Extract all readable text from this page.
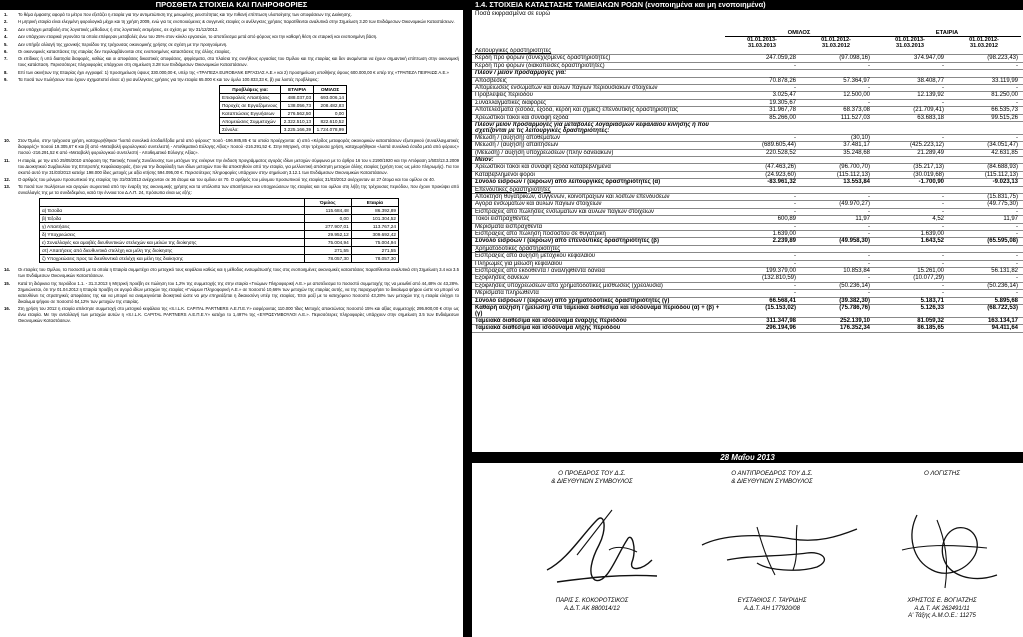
ΠΡΟΣΘΕΤΑ ΣΤΟΙΧΕΙΑ ΚΑΙ ΠΛΗΡΟΦΟΡΙΕΣ
1.	Το θέμα έμφασης αφορά το μέτρο που εξετάζει η εταιρία για την αντιμετώπιση της μειωμένης ρευστότητας και την πιθανή επίπτωση υλοποίησης των αποφάσεων της Διοίκησης.
2.	Η μητρική εταιρία είναι ελεγμένη φορολογικά μέχρι και τη χρήση 2009, ενώ για τις ενοποιούμενες & συγγενείς εταιρίες οι ανέλεγκτες χρήσεις παρατίθενται αναλυτικά στην Σημείωση 3.20 των Ενδιάμεσων Οικονομικών Καταστάσεων.
3.	Δεν υπάρχει μεταβολή στις λογιστικές μέθοδους ή στις λογιστικές εκτιμήσεις, σε σχέση με την 31/12/2012.
4.	Δεν υπάρχουν εταιρικά γεγονότα τα οποία επέφεραν μεταβολές άνω του 25% στον κύκλο εργασιών, το αποτέλεσμα μετά από φόρους και την καθαρή θέση σε εταιρική και ενοποιημένη βάση.
5.	Δεν υπήρξε αλλαγή της χρονικής περιόδου της τρέχουσας οικονομικής χρήσης σε σχέση με την προηγούμενη.
6.	Οι οικονομικές καταστάσεις της εταιρίας δεν περιλαμβάνονται στις ενοποιημένες καταστάσεις της άλλης εταιρίας.
7.	Οι επίδικες ή υπό διαιτησία διαφορές, καθώς και οι αποφάσεις δικαστικές αποφάσεις, ψηφίσματα, στα πλαίσια της συνήθους εργασίας του Ομίλου και της εταιρίας και δεν αναμένεται να έχουν σημαντική επίπτωση στην οικονομική τους κατάσταση. Περισσότερες πληροφορίες υπάρχουν στη σημείωση 3.28 των Ενδιάμεσων Οικονομικών Καταστάσεων.
8.	Επί των ακινήτων της Εταιρίας έχει εγγραφεί: 1) προσημείωση ύψους 330.000,00 €, υπέρ της «ΤΡΑΠΕΖΑ EUROBANK ΕΡΓΑΣΙΑΣ Α.Ε.» και 2) προσημείωση υποθήκης ύψους 600.000,00 € υπέρ της «ΤΡΑΠΕΖΑ ΠΕΙΡΑΙΩΣ Α.Ε.»
9.	Τα ποσά των πωλήσεων που έχουν σχηματιστεί είναι: α) για ανέλεγκτες χρήσεις για την εταιρία 65.000 € και τον όμιλο 100.833,33 €, β) για λοιπές προβλέψεις:
Προβλέψεις για:	ΕΤΑΙΡΙΑ	ΟΜΙΛΟΣ
Επισφαλείς Απαιτήσεις	488.037,03	693.006,14
Παροχές σε Εργαζόμενους	138.056,73	208.482,83
Καταπτώσεις Εγγυήσεων	276.562,50	0,00
Απομειώσεις Συμμετοχών	2.322.510,13	822.610,52
Σύνολο:	3.225.166,39	1.724.078,99
10.	Στον Όμιλο, στην τρέχουσα χρήση, καταχωρήθηκαν "λοιπά συνολικά έσοδα/έξοδα μετά από φόρους" ποσό -196.985,85 € τα οποία προέρχονται: α) από «Κέρδος μεταφοράς οικονομικών καταστάσεων εξωτερικού (συναλλαγματικές διαφορές)» ποσού 19.305,67 € και β) από «Μεταβολή φορολογικού συντελεστή - Αποθεματικό Εύλογης Αξίας» ποσού -216.291,52 €. Στην Μητρική, στην τρέχουσα χρήση, καταχωρήθηκαν «λοιπά συνολικά έσοδα μετά από φόρους» ποσού -216.291,52 € από «Μεταβολή φορολογικού συντελεστή - Αποθεματικό Εύλογης Αξίας».
11.	Η εταιρία, με την από 25/05/2010 απόφαση της Τακτικής Γενικής Συνέλευσης των μετόχων της ενέκρινε την έκδοση προγράμματος αγοράς ιδίων μετοχών σύμφωνα με το άρθρο 16 του ν.2190/1920 και την Απόφαση 1/503/13.3.2009 του Διοικητικού Συμβουλίου της Επιτροπής Κεφαλαιαγοράς, ήτοι για την διαφύλαξη των ιδίων μετοχών που θα αποκτηθούν από την εταιρία, για μελλοντική απόκτηση μετοχών άλλης εταιρίας (χρήση τους ως μέσο πληρωμής). Για τον σκοπό αυτό την 31/03/2013 κατείχε 198.000 ίδιες μετοχές με αξία κτήσης 594.095,00 €. Περισσότερες πληροφορίες υπάρχουν στην σημείωση 3.12.1 των Ενδιάμεσων Οικονομικών Καταστάσεων.
12.	Ο αριθμός του μόνιμου προσωπικού της εταιρίας την 31/03/2013 ανέρχονταν σε 36 άτομα και του ομίλου σε 70. Ο αριθμός του μόνιμου προσωπικού της εταιρίας 31/03/2012 ανέρχονταν σε 27 άτομα και του ομίλου σε 40.
13.	Τα ποσά των πωλήσεων και αγορών σωρευτικά από την έναρξη της οικονομικής χρήσης και τα υπόλοιπα των απαιτήσεων και υποχρεώσεων της εταιρίας και του ομίλου στη λήξη της τρέχουσας περιόδου, που έχουν προκύψει από συναλλαγές της με τα συνδεδεμένα, κατά την έννοια του Δ.Λ.Π. 24, πρόσωπα είναι ως εξής:
	Όμιλος	Εταιρία
α) Έσοδα	115.684,48	86.392,89
β) Έξοδα	0,00	101.304,52
γ) Απαιτήσεις	277.907,01	113.767,24
δ) Υποχρεώσεις	29.952,12	309.692,42
ε) Συναλλαγές και αμοιβές διευθυντικών στελεχών και μελών της διοίκησης	75.004,94	75.004,94
στ) Απαιτήσεις από διευθυντικά στελέχη και μέλη της διοίκησης	271,55	271,55
ζ) Υποχρεώσεις προς τα διευθυντικά στελέχη και μέλη της διοίκησης	78.057,30	78.057,30
14.	Οι εταιρίες του Ομίλου, τα ποσοστά με τα οποία η Εταιρία συμμετέχει στο μετοχικό τους κεφάλαιο καθώς και η μέθοδος ενσωμάτωσής τους στις ενοποιημένες οικονομικές καταστάσεις παρατίθενται αναλυτικά στη Σημείωση 3.4 και 3.5 των Ενδιάμεσων Οικονομικών Καταστάσεων.
15.	Κατά τη διάρκεια της περιόδου 1.1. - 31.3.2013 η Μητρική προέβη σε πώληση του 1,2% της συμμετοχής της στην εταιρία «Γνώμων Πληροφορική Α.Ε.» με αποτέλεσμα το ποσοστό συμμετοχής της να μειωθεί από 44,48% σε 43,28%. Σημειώνεται, ότι την 01.04.2012 η Εταιρία προέβη σε αγορά ιδίων μετοχών της εταιρίας «Γνώμων Πληροφορική Α.Ε.» σε ποσοστό 10,66% των μετοχών της εταιρίας αυτής, να της παραχωρήσει το δικαίωμα ψήφου ώστε να μπορεί να κατευθύνει τις στρατηγικές αποφάσεις της και να μπορεί να αναμειγνύεται διοικητικά ώστε να μην επηρεάζεται η δικαιοσύνη υπέρ της εταιρίας. Έτσι μαζί με το κατεχόμενο ποσοστό 43,28% των μετοχών της η εταιρία ελέγχει το δικαίωμα ψήφου σε ποσοστό 54,12% των μετοχών της εταιρίας.
16.	Στη χρήση του 2012 η εταιρία απέκτησε συμμετοχή στο μετοχικό κεφάλαιο της «S.I.L.K. CAPITAL PARTNERS Α.Ε.Π.Ε.Υ» εισφέροντας 110.000 Ίδιες Μετοχές αποκτώντας ποσοστό 15% και αξίας συμμετοχής 295.900,00 € στην ως άνω εταιρία. Με την ανταλλαγή των μετοχών αυτών η «S.I.L.K. CAPITAL PARTNERS Α.Ε.Π.Ε.Υ» κατέχει το 1,497% της «ΕΥΡΩΣΥΜΒΟΥΛΟΙ Α.Ε.». Περισσότερες πληροφορίες υπάρχουν στην σημείωση 3.5 των Ενδιάμεσων Οικονομικών Καταστάσεων.
1.4. ΣΤΟΙΧΕΙΑ ΚΑΤΑΣΤΑΣΗΣ ΤΑΜΕΙΑΚΩΝ ΡΟΩΝ (ενοποιημένα και μη ενοποιημένα)
Ποσά εκφρασμένα σε ευρώ
ΟΜΙΛΟΣ	ΕΤΑΙΡΙΑ
01.01.2013-
31.03.2013
01.01.2012-
31.03.2012
01.01.2013-
31.03.2013
01.01.2012-
31.03.2012
Λειτουργικές δραστηριότητες
Κέρδη προ φόρων (συνεχιζόμενες δραστηριότητες)	247.059,28	(97.098,16)	374.947,09	(98.223,43)
Κέρδη προ φόρων (διακοπείσες δραστηριότητες)	-	-	-	-
Πλέον / μείον προσαρμογές για:
Αποσβέσεις	70.878,26	57.364,97	38.408,77	33.119,99
Απομειώσεις ενσώματων και άυλων πάγιων περιουσιακών στοιχείων	-	-	-	-
Προβλέψεις περιόδου	3.025,47	12.500,00	12.139,92	81.250,00
Συναλλαγματικές διαφορές	19.305,67	-	-	-
Αποτελέσματα (έσοδα, έξοδα, κέρδη και ζημιές) επενδυτικής δραστηριότητας	31.967,78	68.373,08	(21.709,41)	66.535,73
Χρεωστικοί τόκοι και συναφή έξοδα	85.266,00	111.527,03	63.683,18	99.515,26
Πλέον/ μείον προσαρμογές για μεταβολές λογαριασμών κεφαλαίου κίνησης ή που σχετίζονται με τις λειτουργικές δραστηριότητες:
Μείωση / (αύξηση) αποθεμάτων	-	(30,10)	-	-
Μείωση / (αύξηση) απαιτήσεων	(689.605,44)	37.481,17	(425.223,12)	(34.051,47)
(Μείωση) / αύξηση υποχρεώσεων (πλην δανειακών)	220.528,52	35.248,68	21.289,49	42.631,85
Μείον:
Χρεωστικοί τόκοι και συναφή έξοδα καταβεβλημένα	(47.463,26)	(96.700,70)	(35.217,13)	(84.688,93)
Καταβεβλημένοι φόροι	(24.923,60)	(115.112,13)	(30.019,68)	(115.112,13)
Σύνολο εισροών / (εκροών) από λειτουργικές δραστηριότητες (α)	-83.961,32	13.553,84	-1.700,90	-9.023,13
Επενδυτικές δραστηριότητες
Απόκτηση θυγατρικών, συγγενών, κοινοπραξιών και λοιπών επενδύσεων	-	-	-	(15.831,75)
Αγορά ενσώματων και άυλων πάγιων στοιχείων	-	(49.970,27)	-	(49.775,30)
Εισπράξεις από πωλήσεις ενσώματων και άυλων παγίων στοιχείων	-	-	-	-
Τόκοι εισπραχθέντες	600,89	11,97	4,52	11,97
Μερίσματα εισπραχθέντα	-	-	-	-
Εισπράξεις από πώληση ποσοστού σε θυγατρική	1.639,00	-	1.639,00	-
Σύνολο εισροών / (εκροών) από επενδυτικές δραστηριότητες (β)	2.239,89	(49.958,30)	1.643,52	(65.595,08)
Χρηματοδοτικές δραστηριότητες
Εισπράξεις από αύξηση μετοχικού κεφαλαίου	-	-	-	-
Πληρωμές για μείωση κεφαλαίου	-	-	-	-
Εισπράξεις από εκδοθέντα / αναληφθέντα δάνεια	199.379,00	10.853,84	15.261,00	56.131,82
Εξοφλήσεις δανείων	(132.810,59)	-	(10.077,29)	-
Εξοφλήσεις υποχρεώσεων από χρηματοδοτικές μισθώσεις (χρεολύσια)	-	(50.236,14)	-	(50.236,14)
Μερίσματα πληρωθέντα	-	-	-	-
Σύνολο εισροών / (εκροών) από χρηματοδοτικές δραστηριότητες (γ)	66.568,41	(39.382,30)	5.183,71	5.895,68
Καθαρή αύξηση / (μείωση) στα ταμειακά διαθέσιμα και ισοδύναμα περιόδου (α) + (β) + (γ)
(15.153,02)	(75.786,76)	5.126,33	(68.722,53)
Ταμειακά διαθέσιμα και ισοδύναμα έναρξης περιόδου	311.347,98	252.139,10	81.059,32	163.134,17
Ταμειακά διαθέσιμα και ισοδύναμα λήξης περιόδου	296.194,96	176.352,34	86.185,65	94.411,64
28 Μαΐου 2013
Ο ΠΡΟΕΔΡΟΣ ΤΟΥ Δ.Σ.
& ΔΙΕΥΘΥΝΩΝ ΣΥΜΒΟΥΛΟΣ
Ο ΑΝΤΙΠΡΟΕΔΡΟΣ ΤΟΥ Δ.Σ.
& ΔΙΕΥΘΥΝΩΝ ΣΥΜΒΟΥΛΟΣ
Ο ΛΟΓΙΣΤΗΣ
ΠΑΡΙΣ Σ. ΚΟΚΟΡΟΤΣΙΚΟΣ
Α.Δ.Τ. ΑΚ 880014/12
ΕΥΣΤΑΘΙΟΣ Γ. ΤΑΥΡΙΔΗΣ
Α.Δ.Τ. ΑΗ 177920/08
ΧΡΗΣΤΟΣ Ε. ΒΟΓΙΑΤΖΗΣ
Α.Δ.Τ. ΑΚ 262491/11
Α' Τάξης Α.Μ.Ο.Ε.: 11275
